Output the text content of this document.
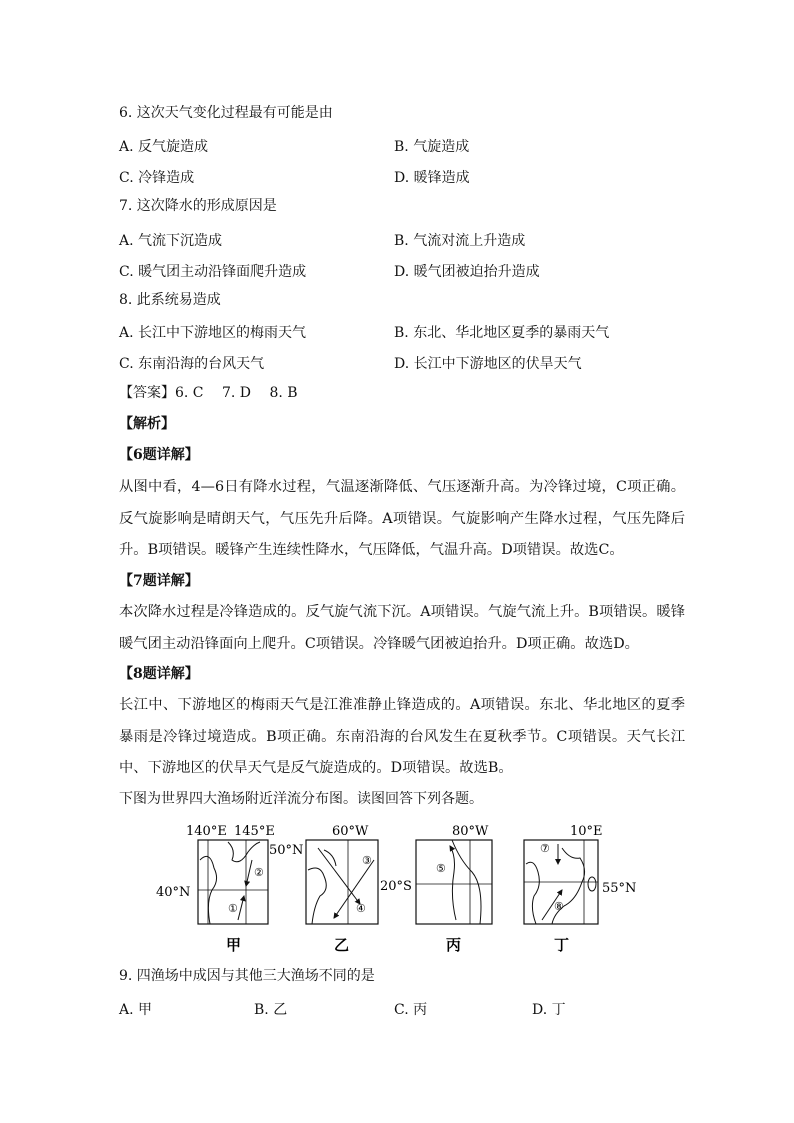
6. 这次天气变化过程最有可能是由
A. 反气旋造成	B. 气旋造成
C. 冷锋造成	D. 暖锋造成
7. 这次降水的形成原因是
A. 气流下沉造成	B. 气流对流上升造成
C. 暖气团主动沿锋面爬升造成	D. 暖气团被迫抬升造成
8. 此系统易造成
A. 长江中下游地区的梅雨天气	B. 东北、华北地区夏季的暴雨天气
C. 东南沿海的台风天气	D. 长江中下游地区的伏旱天气
【答案】6. C　 7. D　 8. B
【解析】
【6题详解】
从图中看，4—6日有降水过程，气温逐渐降低、气压逐渐升高。为冷锋过境，C项正确。反气旋影响是晴朗天气，气压先升后降。A项错误。气旋影响产生降水过程，气压先降后升。B项错误。暖锋产生连续性降水，气压降低，气温升高。D项错误。故选C。
【7题详解】
本次降水过程是冷锋造成的。反气旋气流下沉。A项错误。气旋气流上升。B项错误。暖锋暖气团主动沿锋面向上爬升。C项错误。冷锋暖气团被迫抬升。D项正确。故选D。
【8题详解】
长江中、下游地区的梅雨天气是江淮准静止锋造成的。A项错误。东北、华北地区的夏季暴雨是冷锋过境造成。B项正确。东南沿海的台风发生在夏秋季节。C项错误。天气长江中、下游地区的伏旱天气是反气旋造成的。D项错误。故选B。
下图为世界四大渔场附近洋流分布图。读图回答下列各题。
140°E 145°E
50°N
40°N
①
②
甲
60°W
③
④
乙
80°W
20°S
⑤
丙
10°E
55°N
⑦
⑧
丁
9. 四渔场中成因与其他三大渔场不同的是
A. 甲	B. 乙	C. 丙	D. 丁
